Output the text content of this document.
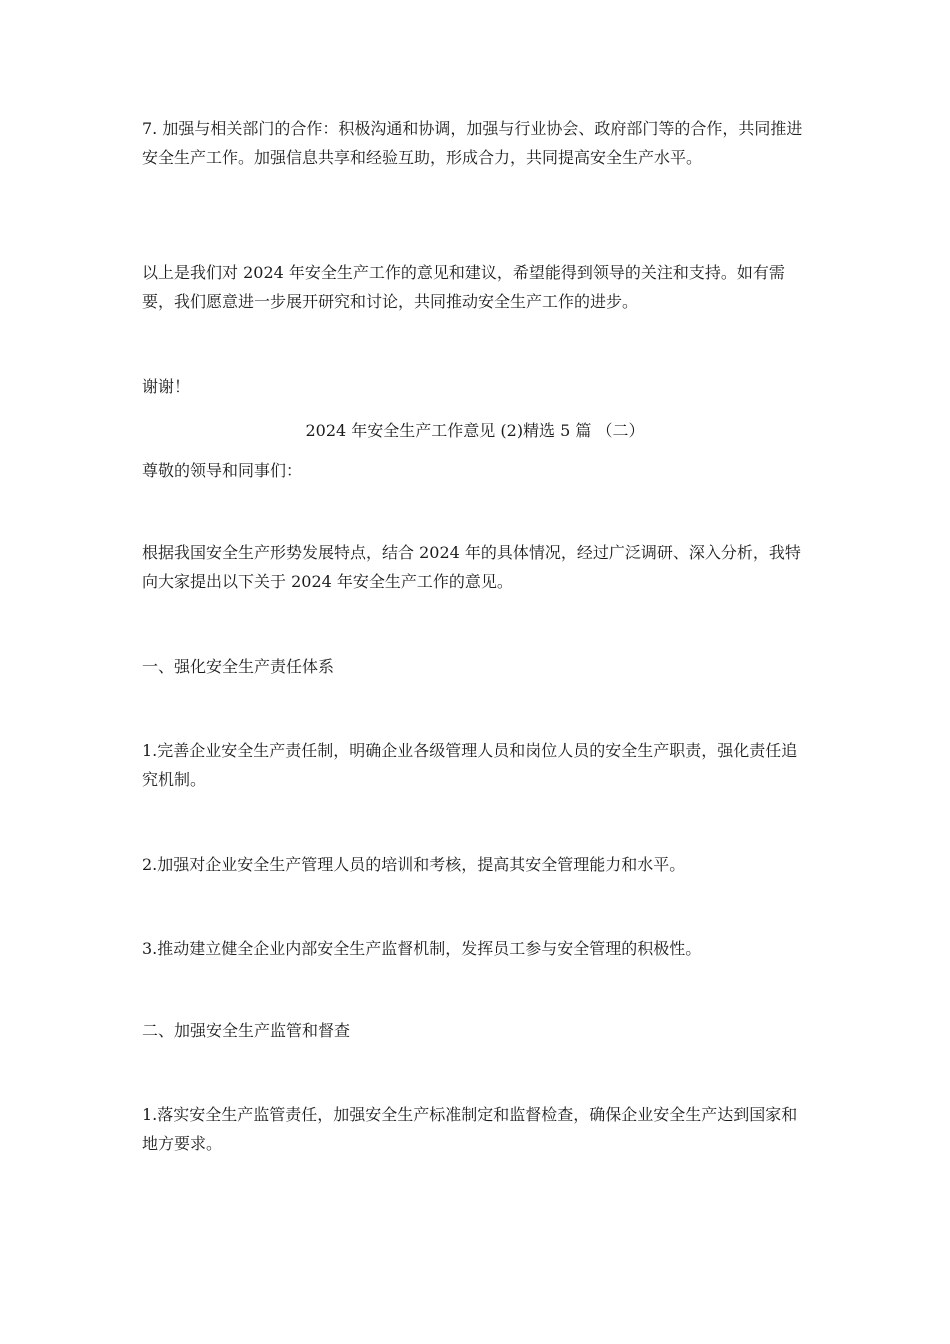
7. 加强与相关部门的合作：积极沟通和协调，加强与行业协会、政府部门等的合作，共同推进安全生产工作。加强信息共享和经验互助，形成合力，共同提高安全生产水平。

以上是我们对 2024 年安全生产工作的意见和建议，希望能得到领导的关注和支持。如有需要，我们愿意进一步展开研究和讨论，共同推动安全生产工作的进步。

谢谢！

2024 年安全生产工作意见 (2)精选 5 篇 （二）

尊敬的领导和同事们：

根据我国安全生产形势发展特点，结合 2024 年的具体情况，经过广泛调研、深入分析，我特向大家提出以下关于 2024 年安全生产工作的意见。

一、强化安全生产责任体系

1.完善企业安全生产责任制，明确企业各级管理人员和岗位人员的安全生产职责，强化责任追究机制。

2.加强对企业安全生产管理人员的培训和考核，提高其安全管理能力和水平。

3.推动建立健全企业内部安全生产监督机制，发挥员工参与安全管理的积极性。

二、加强安全生产监管和督查

1.落实安全生产监管责任，加强安全生产标准制定和监督检查，确保企业安全生产达到国家和地方要求。
